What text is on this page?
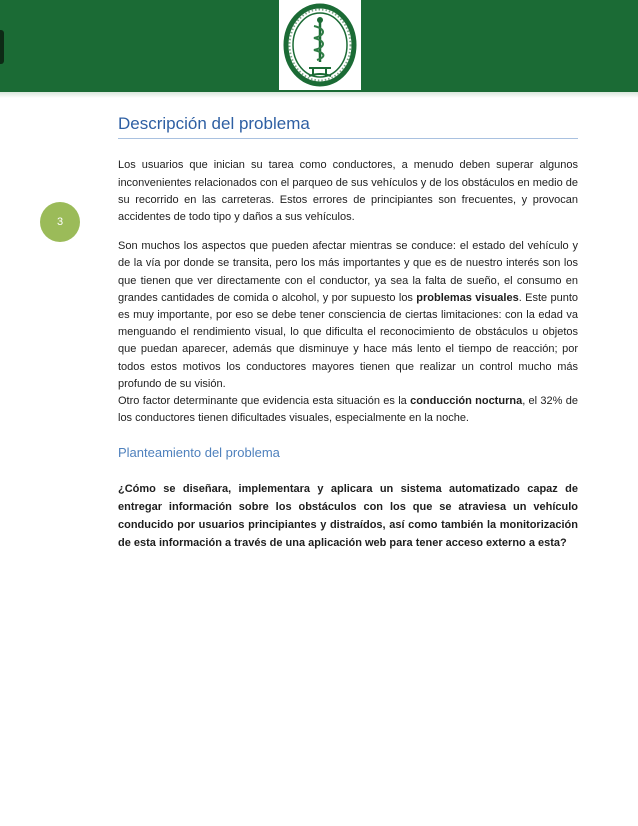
3
Descripción del problema

Los usuarios que inician su tarea como conductores, a menudo deben superar algunos inconvenientes relacionados con el parqueo de sus vehículos y de los obstáculos en medio de su recorrido en las carreteras. Estos errores de principiantes son frecuentes, y provocan accidentes de todo tipo y daños a sus vehículos.

Son muchos los aspectos que pueden afectar mientras se conduce: el estado del vehículo y de la vía por donde se transita, pero los más importantes y que es de nuestro interés son los que tienen que ver directamente con el conductor, ya sea la falta de sueño, el consumo en grandes cantidades de comida o alcohol, y por supuesto los problemas visuales. Este punto es muy importante, por eso se debe tener consciencia de ciertas limitaciones: con la edad va menguando el rendimiento visual, lo que dificulta el reconocimiento de obstáculos u objetos que puedan aparecer, además que disminuye y hace más lento el tiempo de reacción; por todos estos motivos los conductores mayores tienen que realizar un control mucho más profundo de su visión.

Otro factor determinante que evidencia esta situación es la conducción nocturna, el 32% de los conductores tienen dificultades visuales, especialmente en la noche.

Planteamiento del problema

¿Cómo se diseñara, implementara y aplicara un sistema automatizado capaz de entregar información sobre los obstáculos con los que se atraviesa un vehículo conducido por usuarios principiantes y distraídos, así como también la monitorización de esta información a través de una aplicación web para tener acceso externo a esta?
